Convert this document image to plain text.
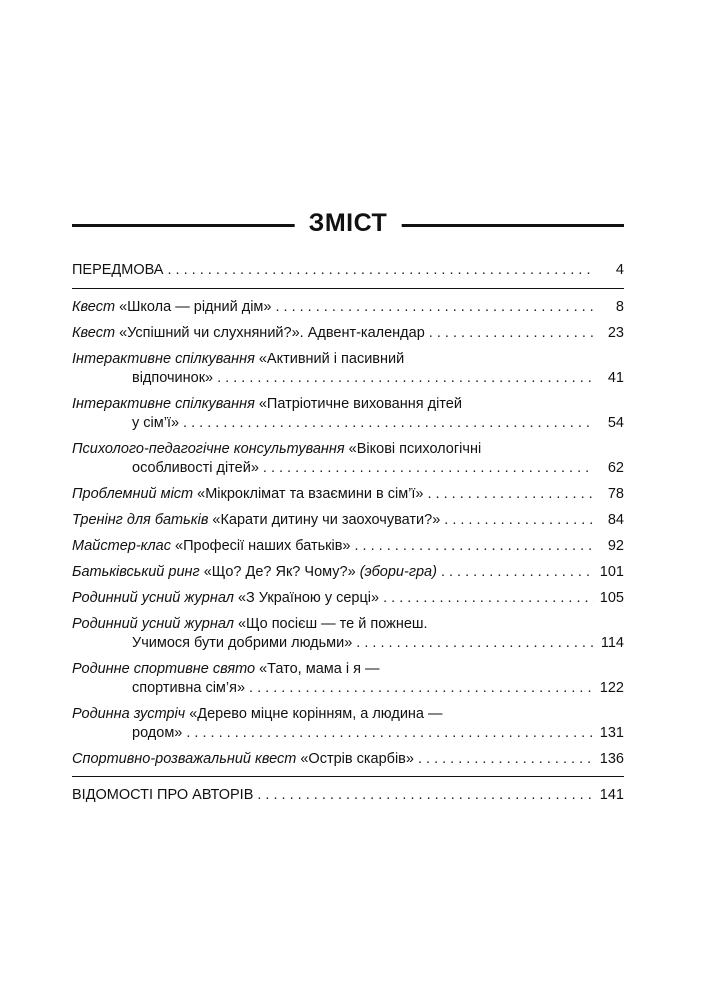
ЗМІСТ
ПЕРЕДМОВА . . .	4
Квест
«Школа — рідний дім» . . .	8
Квест
«Успішний чи слухняний?». Адвент-календар . . .	23
Інтерактивне спілкування
«Активний і пасивний
відпочинок» . . .	41
Інтерактивне спілкування
«Патріотичне виховання дітей
у сім’ї» . . .	54
Психолого-педагогічне консультування
«Вікові психологічні
особливості дітей» . . .	62
Проблемний міст
«Мікроклімат та взаємини в сім’ї» . . .	78
Тренінг для батьків
«Карати дитину чи заохочувати?» . . .	84
Майстер-клас
«Професії наших батьків» . . .	92
Батьківський ринг
«Що? Де? Як? Чому?»
(эбори-гра) . . .	101
Родинний усний журнал
«З Україною у серці» . . .	105
Родинний усний журнал
«Що посієш — те й пожнеш.
Учимося бути добрими людьми» . . .	114
Родинне спортивне свято
«Тато, мама і я —
спортивна сім’я» . . .	122
Родинна зустріч
«Дерево міцне корінням, а людина —
родом» . . .	131
Спортивно-розважальний квест
«Острів скарбів» . . .	136
ВІДОМОСТІ ПРО АВТОРІВ . . .	141
